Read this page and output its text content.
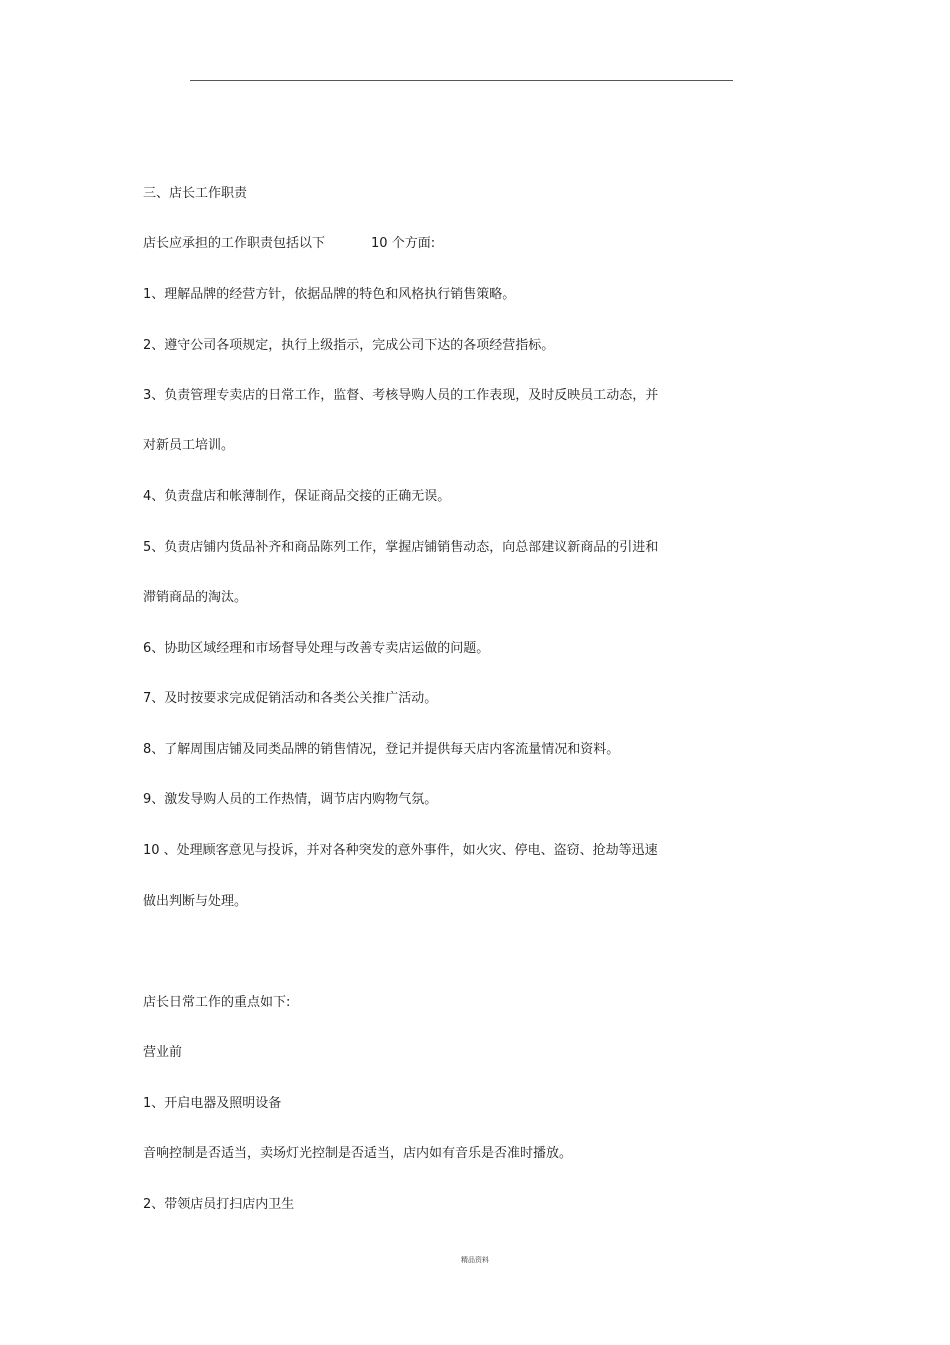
三、店长工作职责
店长应承担的工作职责包括以下	10 个方面:
1、理解品牌的经营方针，依据品牌的特色和风格执行销售策略。
2、遵守公司各项规定，执行上级指示，完成公司下达的各项经营指标。
3、负责管理专卖店的日常工作，监督、考核导购人员的工作表现，及时反映员工动态，并
对新员工培训。
4、负责盘店和帐薄制作，保证商品交接的正确无误。
5、负责店铺内货品补齐和商品陈列工作，掌握店铺销售动态，向总部建议新商品的引进和
滞销商品的淘汰。
6、协助区域经理和市场督导处理与改善专卖店运做的问题。
7、及时按要求完成促销活动和各类公关推广活动。
8、了解周围店铺及同类品牌的销售情况，登记并提供每天店内客流量情况和资料。
9、激发导购人员的工作热情，调节店内购物气氛。
10 、处理顾客意见与投诉，并对各种突发的意外事件，如火灾、停电、盗窃、抢劫等迅速
做出判断与处理。
店长日常工作的重点如下:
营业前
1、开启电器及照明设备
音响控制是否适当，卖场灯光控制是否适当，店内如有音乐是否准时播放。
2、带领店员打扫店内卫生
精品资料
